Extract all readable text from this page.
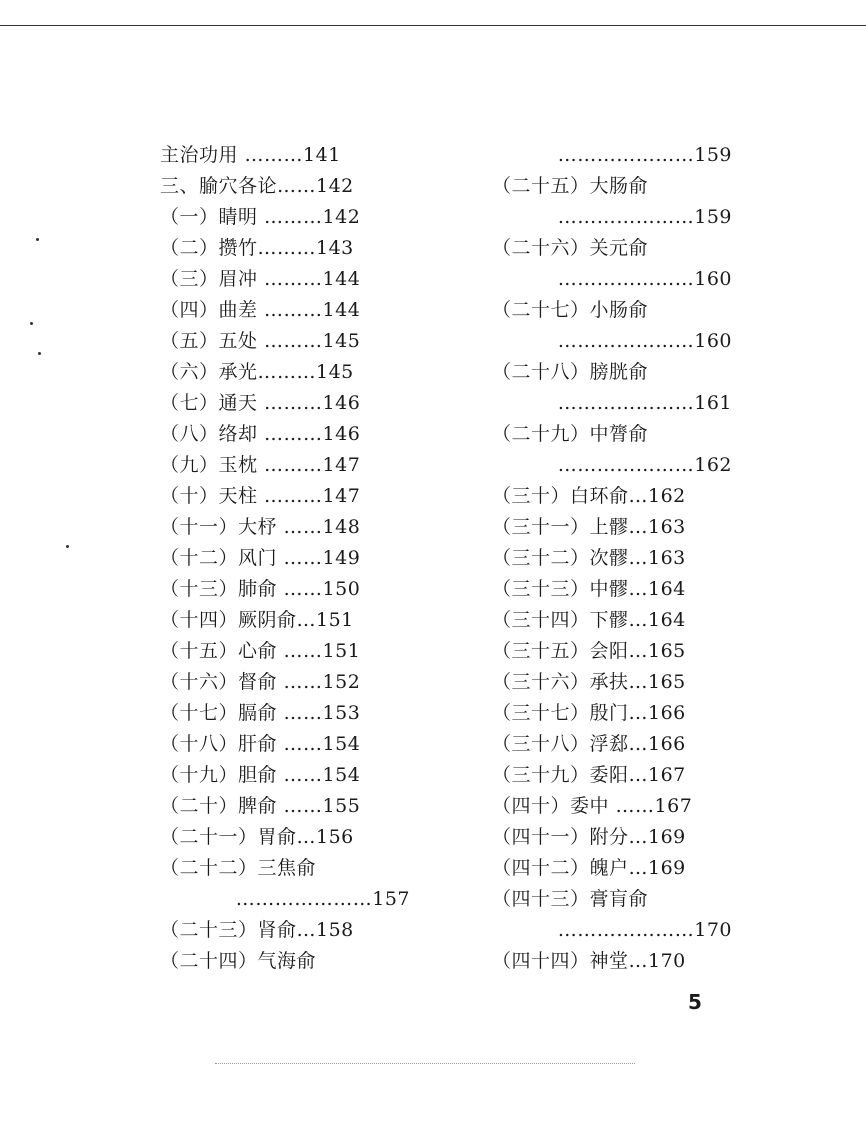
主治功用 ………141
三、腧穴各论……142
（一）睛明 ………142
（二）攒竹………143
（三）眉冲 ………144
（四）曲差 ………144
（五）五处 ………145
（六）承光………145
（七）通天 ………146
（八）络却 ………146
（九）玉枕 ………147
（十）天柱 ………147
（十一）大杼 ……148
（十二）风门 ……149
（十三）肺俞 ……150
（十四）厥阴俞…151
（十五）心俞 ……151
（十六）督俞 ……152
（十七）膈俞 ……153
（十八）肝俞 ……154
（十九）胆俞 ……154
（二十）脾俞 ……155
（二十一）胃俞…156
（二十二）三焦俞
…………………157
（二十三）肾俞…158
（二十四）气海俞
…………………159
（二十五）大肠俞
…………………159
（二十六）关元俞
…………………160
（二十七）小肠俞
…………………160
（二十八）膀胱俞
…………………161
（二十九）中膂俞
…………………162
（三十）白环俞…162
（三十一）上髎…163
（三十二）次髎…163
（三十三）中髎…164
（三十四）下髎…164
（三十五）会阳…165
（三十六）承扶…165
（三十七）殷门…166
（三十八）浮郄…166
（三十九）委阳…167
（四十）委中 ……167
（四十一）附分…169
（四十二）魄户…169
（四十三）膏肓俞
…………………170
（四十四）神堂…170
5
